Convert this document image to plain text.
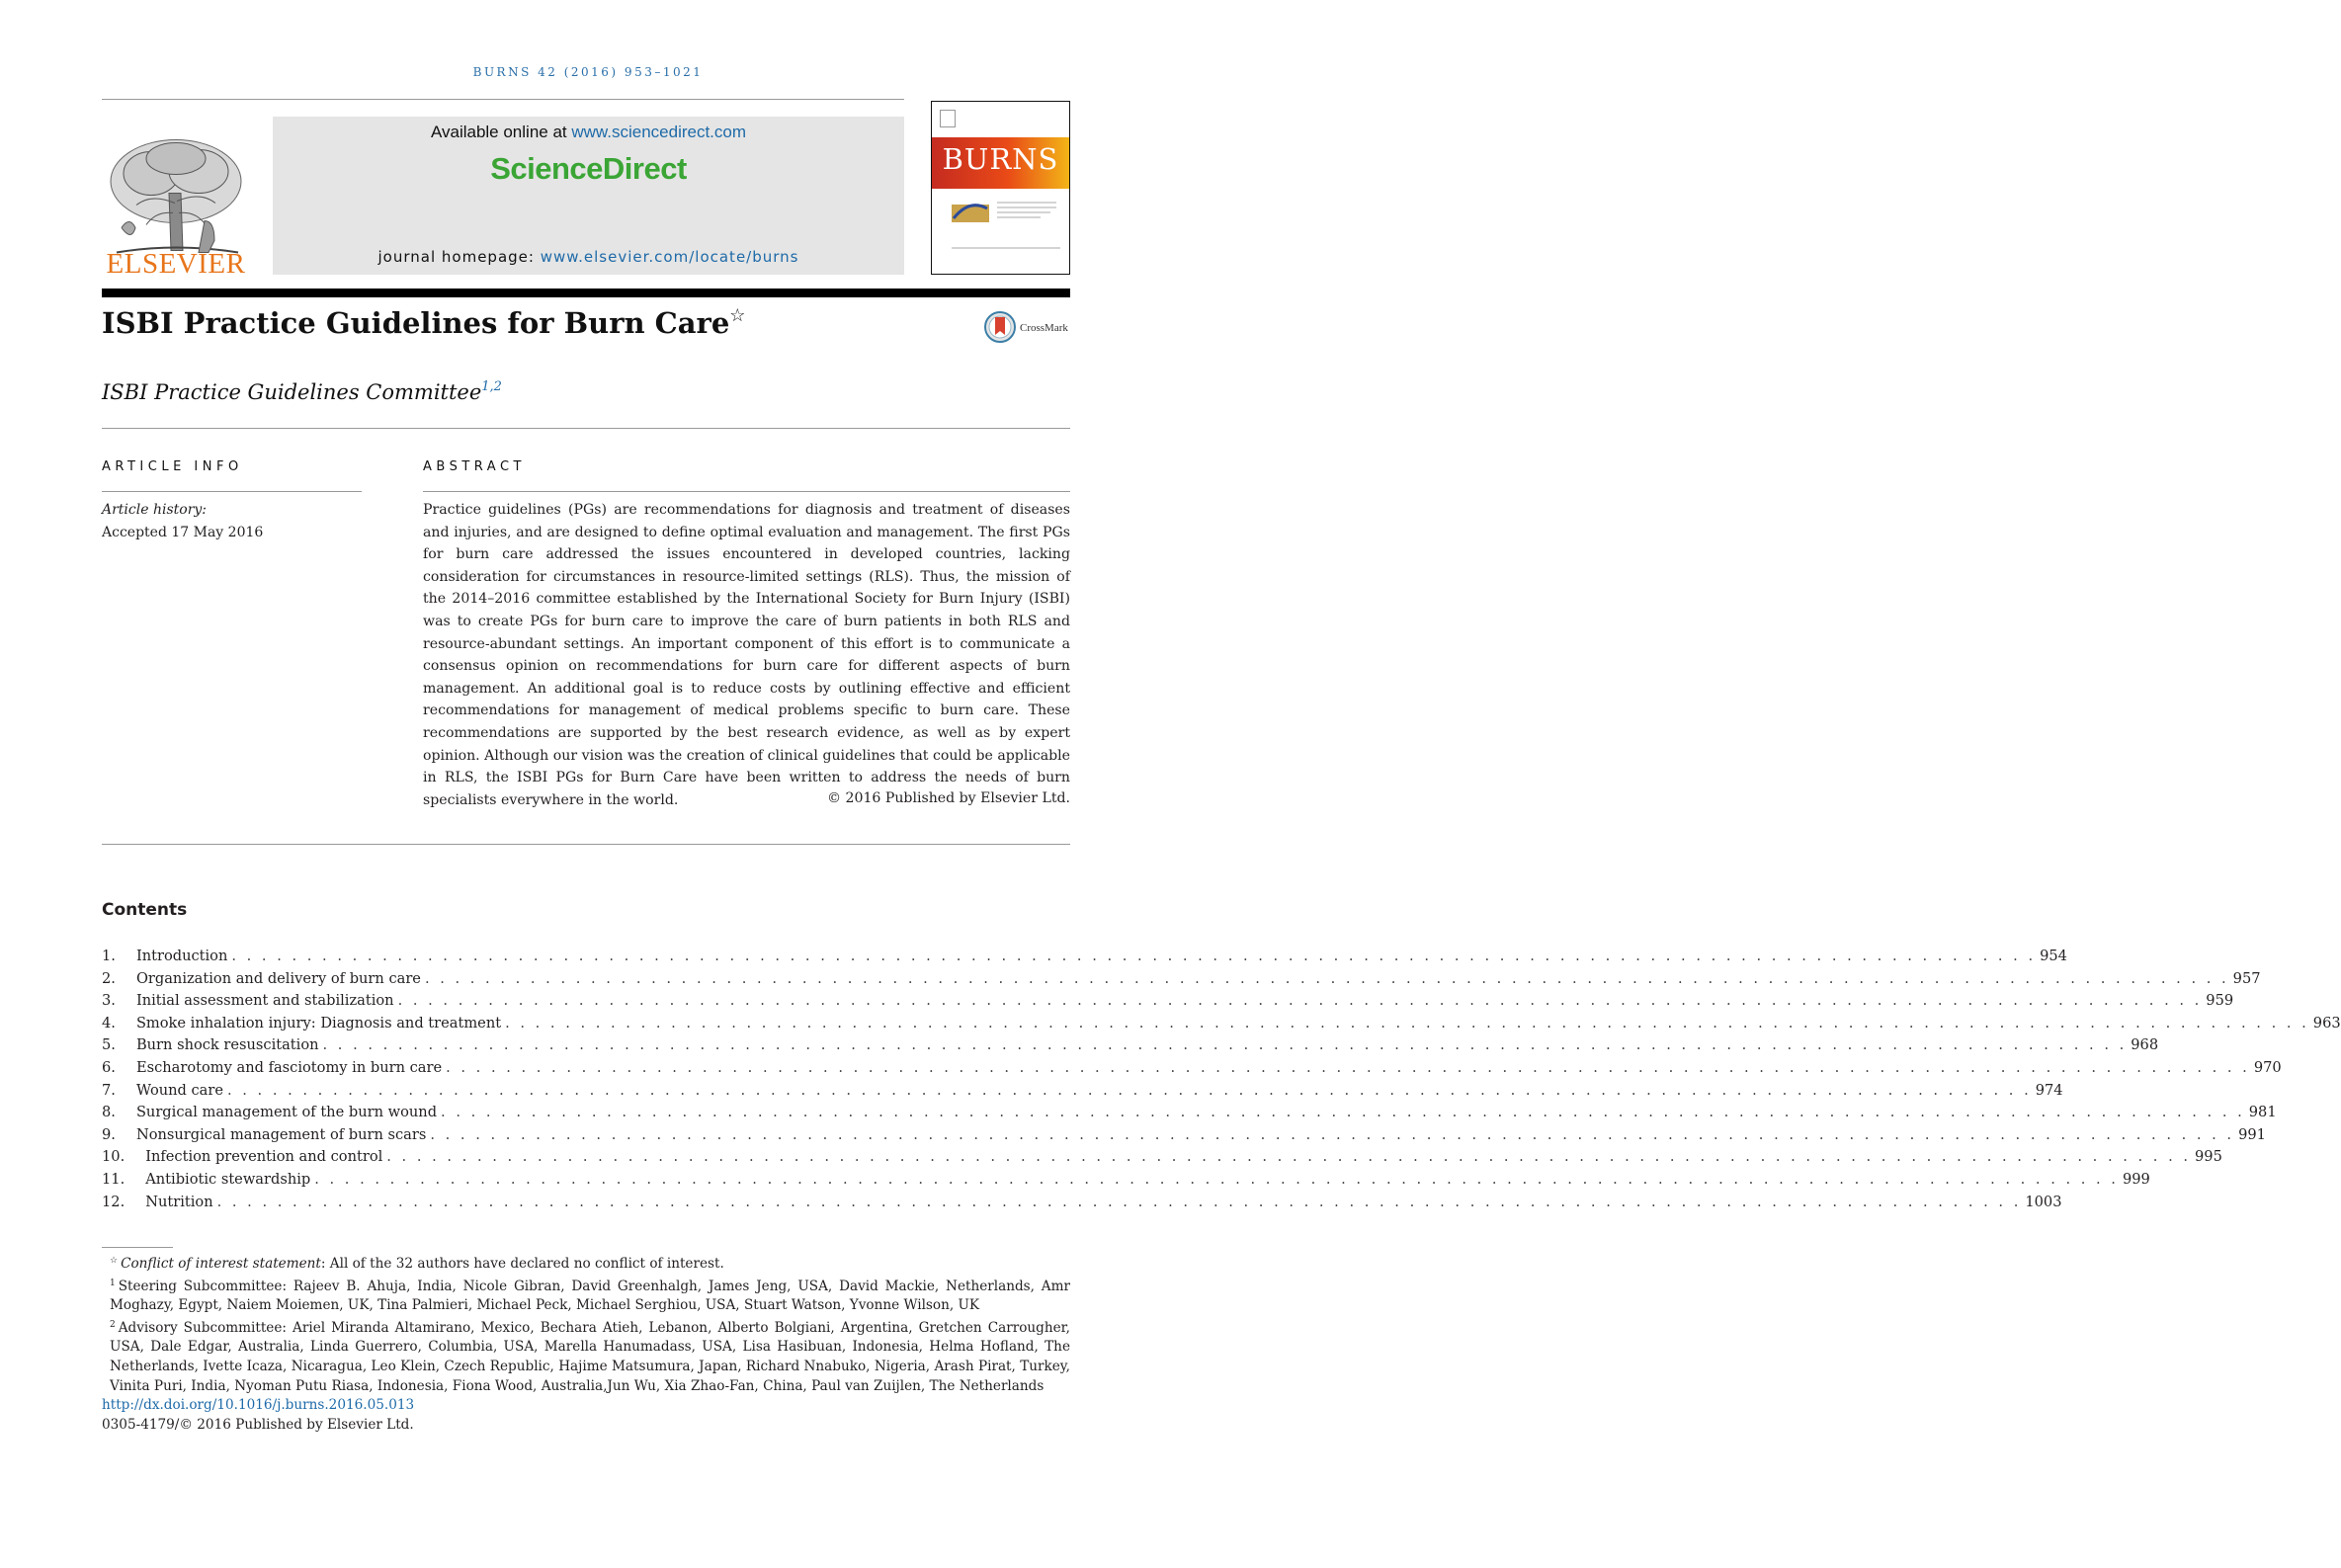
BURNS 42 (2016) 953–1021
ELSEVIER
Available online at www.sciencedirect.com
ScienceDirect
journal homepage: www.elsevier.com/locate/burns
BURNS
ISBI Practice Guidelines for Burn Care☆
CrossMark
ISBI Practice Guidelines Committee$^{1,2}$
ARTICLE INFO
Article history:
Accepted 17 May 2016
ABSTRACT
Practice guidelines (PGs) are recommendations for diagnosis and treatment of diseases and injuries, and are designed to define optimal evaluation and management. The first PGs for burn care addressed the issues encountered in developed countries, lacking consideration for circumstances in resource-limited settings (RLS). Thus, the mission of the 2014–2016 committee established by the International Society for Burn Injury (ISBI) was to create PGs for burn care to improve the care of burn patients in both RLS and resource-abundant settings. An important component of this effort is to communicate a consensus opinion on recommendations for burn care for different aspects of burn management. An additional goal is to reduce costs by outlining effective and efficient recommendations for management of medical problems specific to burn care. These recommendations are supported by the best research evidence, as well as by expert opinion. Although our vision was the creation of clinical guidelines that could be applicable in RLS, the ISBI PGs for Burn Care have been written to address the needs of burn specialists everywhere in the world.	© 2016 Published by Elsevier Ltd.
Contents
1. Introduction . . . . . . . . . . . . . . . . . . . . . . . . . . . . . . . . . . . . . . . . . . . . . . . . . . . . . . . . . . . . . . . . . . . . . . . . . . . . . . . . . . . . . . . . . . . . . . . . . . . . . . . . . . . . . . . . . . . . . . . . 954
2. Organization and delivery of burn care . . . . . . . . . . . . . . . . . . . . . . . . . . . . . . . . . . . . . . . . . . . . . . . . . . . . . . . . . . . . . . . . . . . . . . . . . . . . . . . . . . . . . . . . . . . . . . . . . . . . . . . . . . . . . . . . . . . . . . . . 957
3. Initial assessment and stabilization . . . . . . . . . . . . . . . . . . . . . . . . . . . . . . . . . . . . . . . . . . . . . . . . . . . . . . . . . . . . . . . . . . . . . . . . . . . . . . . . . . . . . . . . . . . . . . . . . . . . . . . . . . . . . . . . . . . . . . . . 959
4. Smoke inhalation injury: Diagnosis and treatment . . . . . . . . . . . . . . . . . . . . . . . . . . . . . . . . . . . . . . . . . . . . . . . . . . . . . . . . . . . . . . . . . . . . . . . . . . . . . . . . . . . . . . . . . . . . . . . . . . . . . . . . . . . . . . . . . . . . . . . . 963
5. Burn shock resuscitation . . . . . . . . . . . . . . . . . . . . . . . . . . . . . . . . . . . . . . . . . . . . . . . . . . . . . . . . . . . . . . . . . . . . . . . . . . . . . . . . . . . . . . . . . . . . . . . . . . . . . . . . . . . . . . . . . . . . . . . . 968
6. Escharotomy and fasciotomy in burn care . . . . . . . . . . . . . . . . . . . . . . . . . . . . . . . . . . . . . . . . . . . . . . . . . . . . . . . . . . . . . . . . . . . . . . . . . . . . . . . . . . . . . . . . . . . . . . . . . . . . . . . . . . . . . . . . . . . . . . . . 970
7. Wound care . . . . . . . . . . . . . . . . . . . . . . . . . . . . . . . . . . . . . . . . . . . . . . . . . . . . . . . . . . . . . . . . . . . . . . . . . . . . . . . . . . . . . . . . . . . . . . . . . . . . . . . . . . . . . . . . . . . . . . . . 974
8. Surgical management of the burn wound . . . . . . . . . . . . . . . . . . . . . . . . . . . . . . . . . . . . . . . . . . . . . . . . . . . . . . . . . . . . . . . . . . . . . . . . . . . . . . . . . . . . . . . . . . . . . . . . . . . . . . . . . . . . . . . . . . . . . . . . 981
9. Nonsurgical management of burn scars . . . . . . . . . . . . . . . . . . . . . . . . . . . . . . . . . . . . . . . . . . . . . . . . . . . . . . . . . . . . . . . . . . . . . . . . . . . . . . . . . . . . . . . . . . . . . . . . . . . . . . . . . . . . . . . . . . . . . . . . 991
10. Infection prevention and control . . . . . . . . . . . . . . . . . . . . . . . . . . . . . . . . . . . . . . . . . . . . . . . . . . . . . . . . . . . . . . . . . . . . . . . . . . . . . . . . . . . . . . . . . . . . . . . . . . . . . . . . . . . . . . . . . . . . . . . . 995
11. Antibiotic stewardship . . . . . . . . . . . . . . . . . . . . . . . . . . . . . . . . . . . . . . . . . . . . . . . . . . . . . . . . . . . . . . . . . . . . . . . . . . . . . . . . . . . . . . . . . . . . . . . . . . . . . . . . . . . . . . . . . . . . . . . . 999
12. Nutrition . . . . . . . . . . . . . . . . . . . . . . . . . . . . . . . . . . . . . . . . . . . . . . . . . . . . . . . . . . . . . . . . . . . . . . . . . . . . . . . . . . . . . . . . . . . . . . . . . . . . . . . . . . . . . . . . . . . . . . . . 1003

☆ Conflict of interest statement: All of the 32 authors have declared no conflict of interest.

$^1$ Steering Subcommittee: Rajeev B. Ahuja, India, Nicole Gibran, David Greenhalgh, James Jeng, USA, David Mackie, Netherlands, Amr Moghazy, Egypt, Naiem Moiemen, UK, Tina Palmieri, Michael Peck, Michael Serghiou, USA, Stuart Watson, Yvonne Wilson, UK

$^2$ Advisory Subcommittee: Ariel Miranda Altamirano, Mexico, Bechara Atieh, Lebanon, Alberto Bolgiani, Argentina, Gretchen Carrougher, USA, Dale Edgar, Australia, Linda Guerrero, Columbia, USA, Marella Hanumadass, USA, Lisa Hasibuan, Indonesia, Helma Hofland, The Netherlands, Ivette Icaza, Nicaragua, Leo Klein, Czech Republic, Hajime Matsumura, Japan, Richard Nnabuko, Nigeria, Arash Pirat, Turkey, Vinita Puri, India, Nyoman Putu Riasa, Indonesia, Fiona Wood, Australia,Jun Wu, Xia Zhao-Fan, China, Paul van Zuijlen, The Netherlands

http://dx.doi.org/10.1016/j.burns.2016.05.013

0305-4179/© 2016 Published by Elsevier Ltd.
